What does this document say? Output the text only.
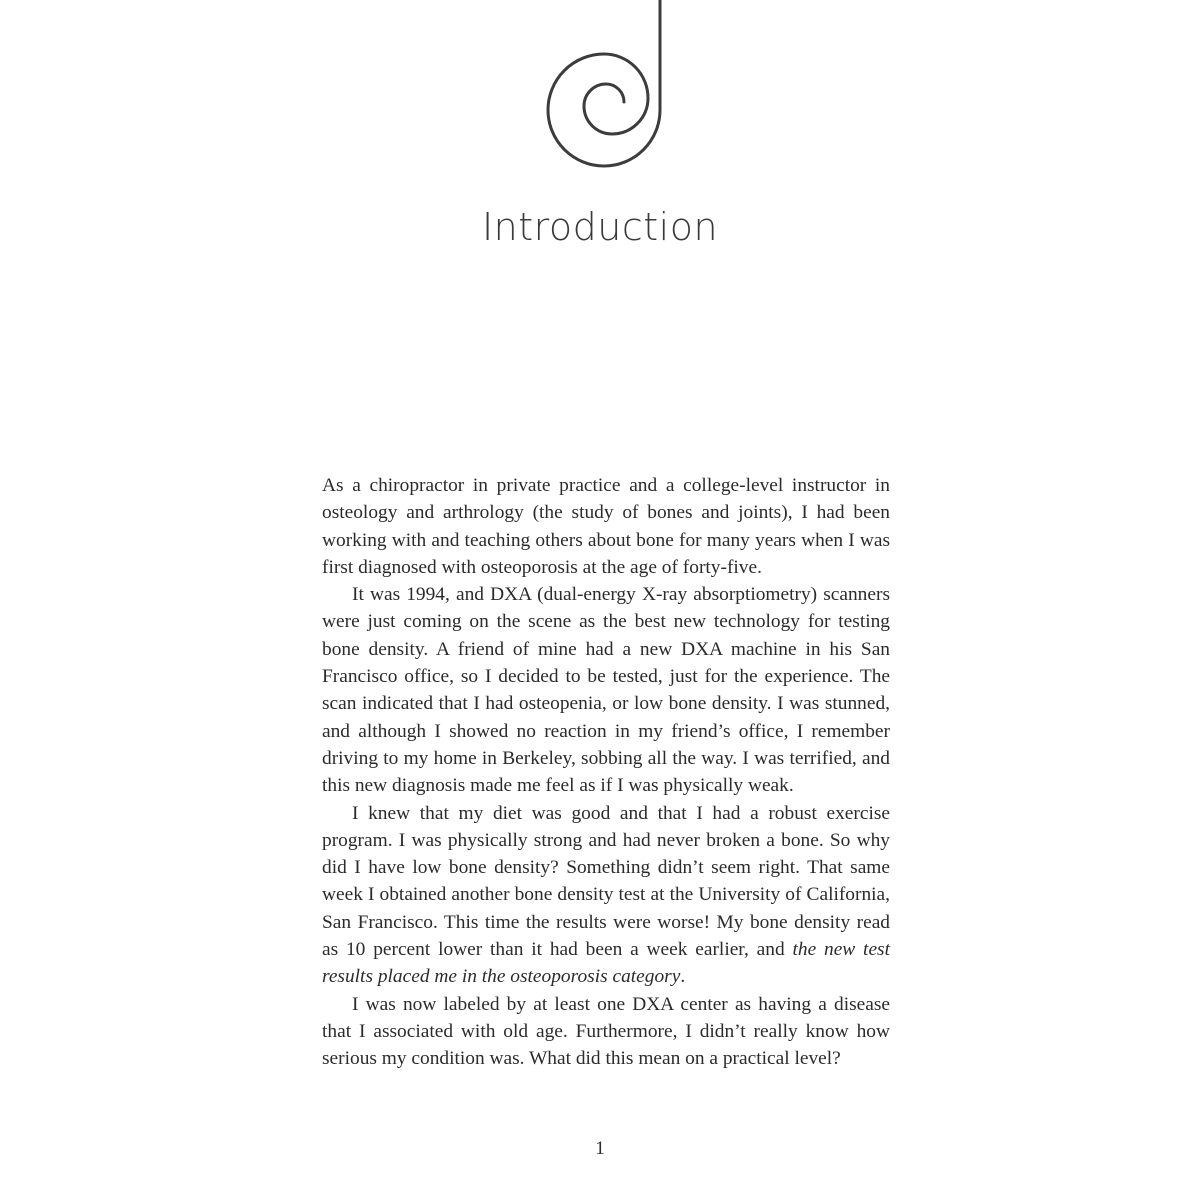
Introduction

As a chiropractor in private practice and a college-level instructor in osteology and arthrology (the study of bones and joints), I had been working with and teaching others about bone for many years when I was first diagnosed with osteoporosis at the age of forty-five.

It was 1994, and DXA (dual-energy X-ray absorptiometry) scanners were just coming on the scene as the best new technology for testing bone density. A friend of mine had a new DXA machine in his San Francisco office, so I decided to be tested, just for the experience. The scan indicated that I had osteopenia, or low bone density. I was stunned, and although I showed no reaction in my friend’s office, I remember driving to my home in Berkeley, sobbing all the way. I was terrified, and this new diagnosis made me feel as if I was physically weak.

I knew that my diet was good and that I had a robust exercise program. I was physically strong and had never broken a bone. So why did I have low bone density? Something didn’t seem right. That same week I obtained another bone density test at the University of California, San Francisco. This time the results were worse! My bone density read as 10 percent lower than it had been a week earlier, and the new test results placed me in the osteoporosis category.

I was now labeled by at least one DXA center as having a disease that I associated with old age. Furthermore, I didn’t really know how serious my condition was. What did this mean on a practical level?

1
